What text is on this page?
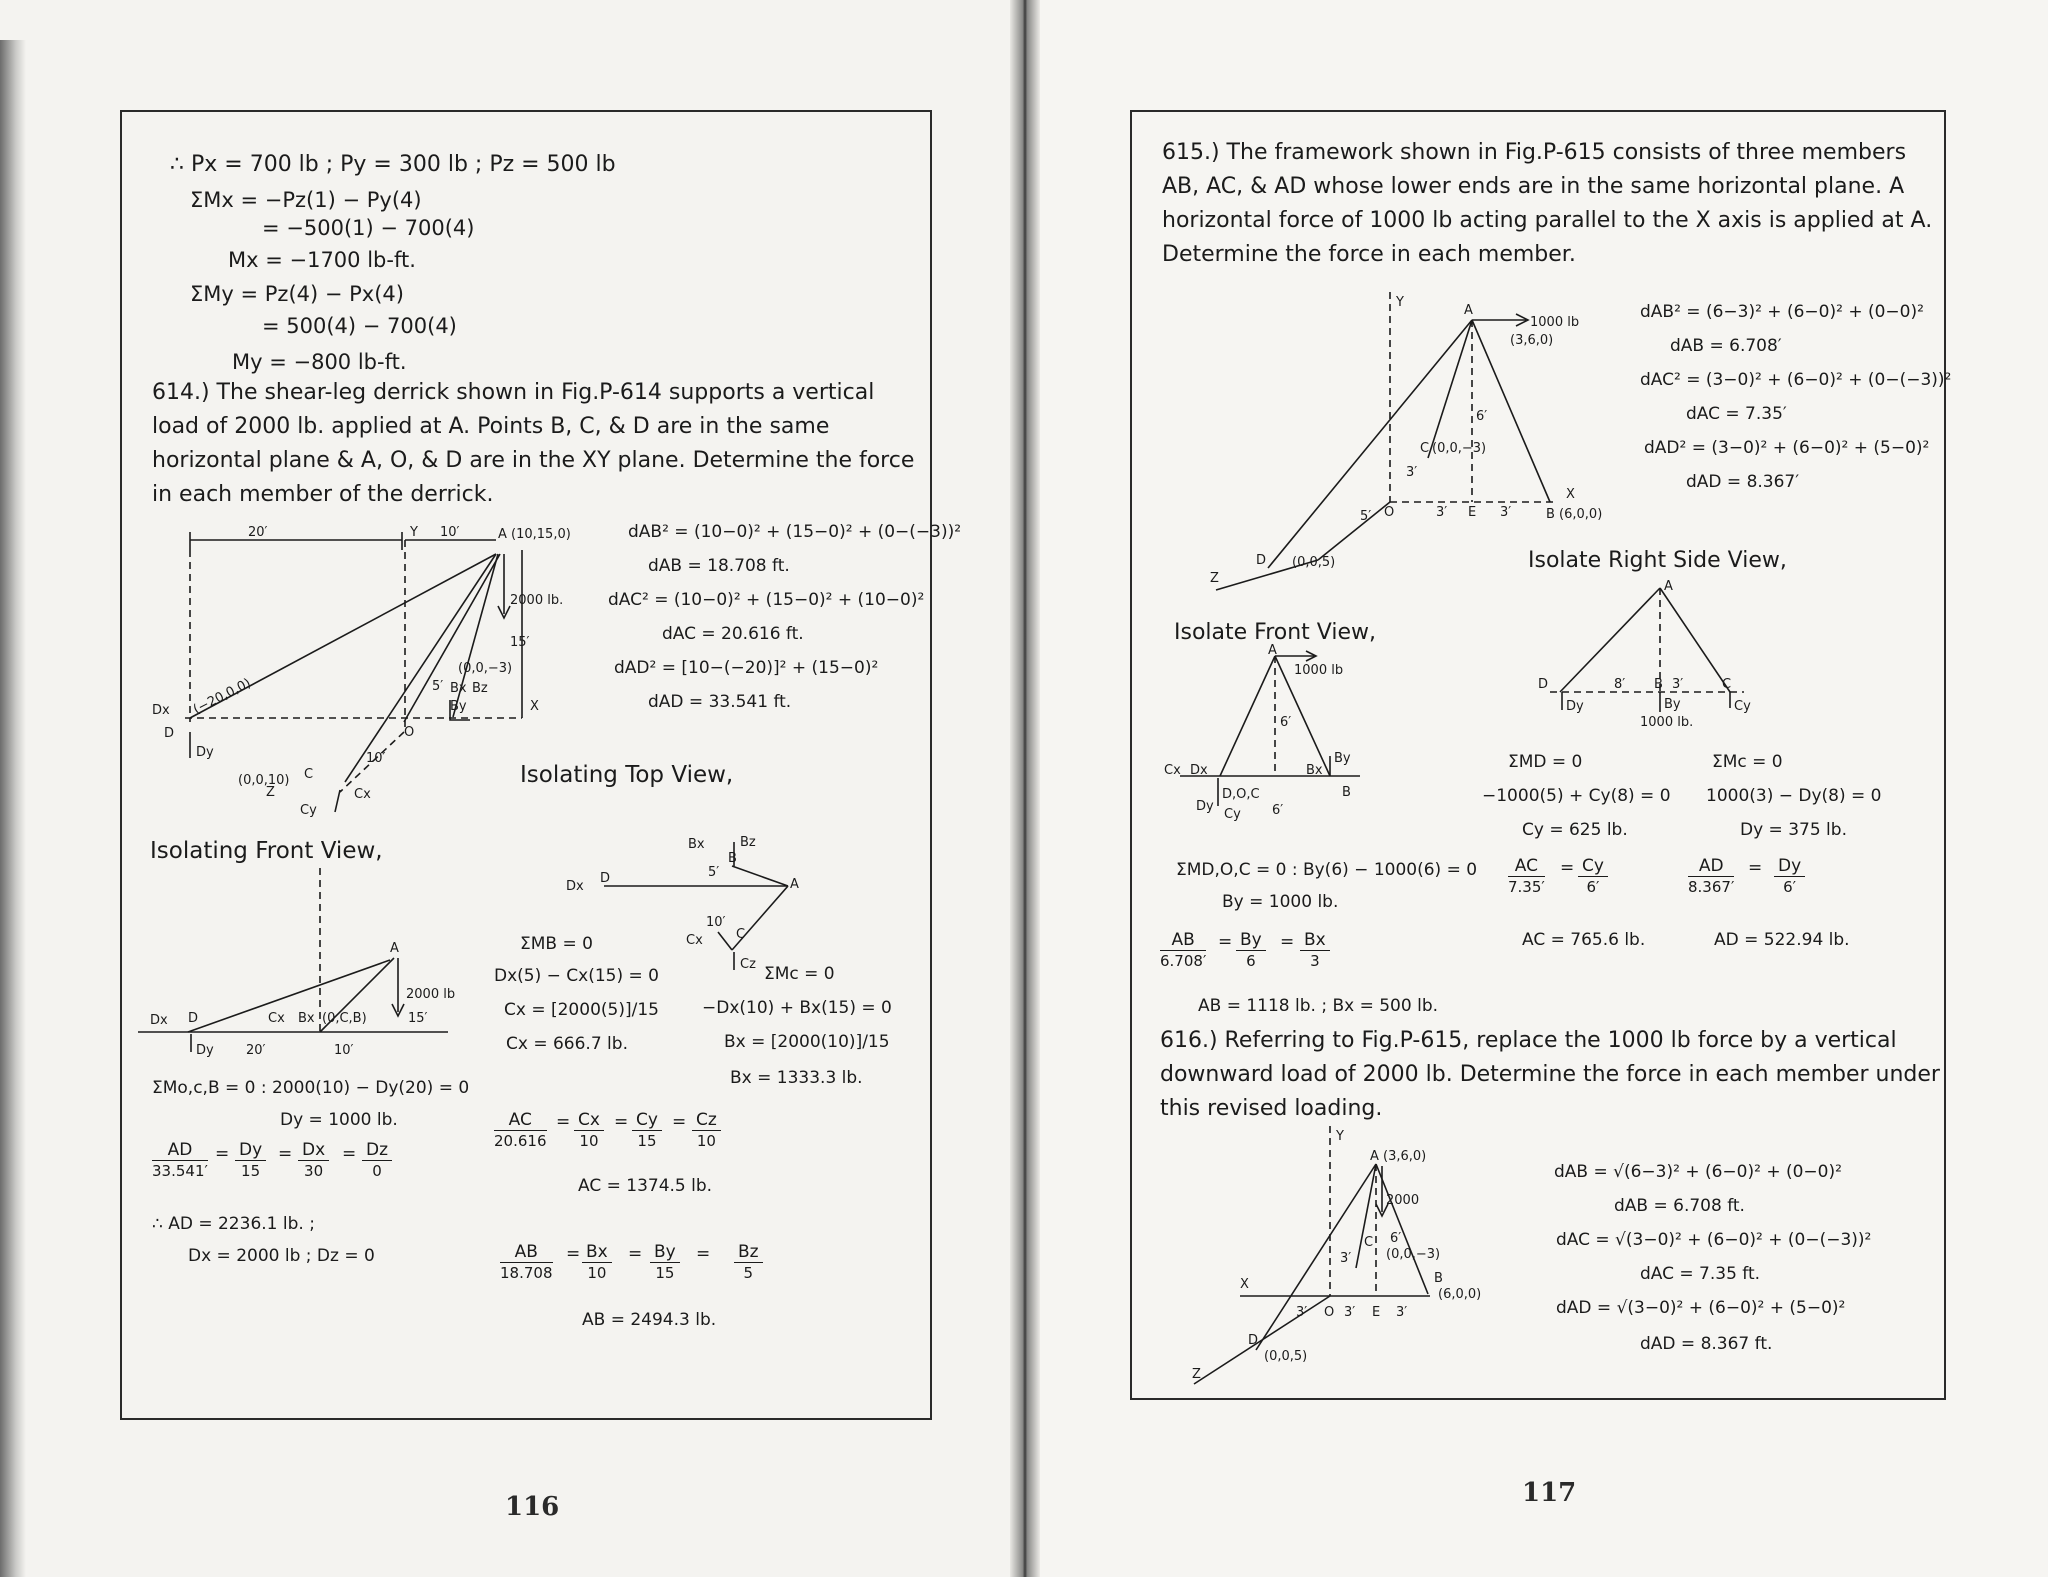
∴ Px = 700 lb ; Py = 300 lb ; Pz = 500 lb
ΣMx = −Pz(1) − Py(4)
= −500(1) − 700(4)
Mx = −1700 lb-ft.
ΣMy = Pz(4) − Px(4)
= 500(4) − 700(4)
My = −800 lb-ft.
614.) The shear-leg derrick shown in Fig.P-614 supports a vertical load of 2000 lb. applied at A. Points B, C, & D are in the same horizontal plane & A, O, & D are in the XY plane. Determine the force in each member of the derrick.
20′	10′
Y	A (10,15,0)
2000 lb.
15′
(0,0,−3)
5′ Bx Bz
By	X
(−20,0,0)
Dx
D
Dy
O
10′
(0,0,10) C
Z	Cx
Cy
dAB² = (10−0)² + (15−0)² + (0−(−3))²
dAB = 18.708 ft.
dAC² = (10−0)² + (15−0)² + (10−0)²
dAC = 20.616 ft.
dAD² = [10−(−20)]² + (15−0)²
dAD = 33.541 ft.
Isolating Top View,
Isolating Front View,
A
2000 lb
15′
D
Dx
Dy
Cx Bx (0,C,B)
20′	10′
ΣMo,c,B = 0 : 2000(10) − Dy(20) = 0
Dy = 1000 lb.
$\frac{AD}{33.541'} = \frac{Dy}{15} = \frac{Dx}{30} = \frac{Dz}{0}$
∴ AD = 2236.1 lb. ;
Dx = 2000 lb ; Dz = 0
Dx
D	A
B
Bx	Bz
5′
10′
C
Cx
Cz
ΣMB = 0
Dx(5) − Cx(15) = 0
Cx = [2000(5)]/15
Cx = 666.7 lb.
ΣMc = 0
−Dx(10) + Bx(15) = 0
Bx = [2000(10)]/15
Bx = 1333.3 lb.
$\frac{AC}{20.616} = \frac{Cx}{10} = \frac{Cy}{15} = \frac{Cz}{10}$
AC = 1374.5 lb.
$\frac{AB}{18.708} = \frac{Bx}{10} = \frac{By}{15} = \frac{Bz}{5}$
AB = 2494.3 lb.
116
615.) The framework shown in Fig.P-615 consists of three members AB, AC, & AD whose lower ends are in the same horizontal plane. A horizontal force of 1000 lb acting parallel to the X axis is applied at A. Determine the force in each member.
Y
A
1000 lb
(3,6,0)
C (0,0,−3)
6′
3′
O	3′ E 3′	B (6,0,0)
X
5′
D (0,0,5)
Z
dAB² = (6−3)² + (6−0)² + (0−0)²
dAB = 6.708′
dAC² = (3−0)² + (6−0)² + (0−(−3))²
dAC = 7.35′
dAD² = (3−0)² + (6−0)² + (5−0)²
dAD = 8.367′
Isolate Right Side View,
Isolate Front View,
A
1000 lb
6′
Cx Dx	Bx
By
D,O,C	B
Dy
Cy 6′
A
D	8′ B 3′	C
Dy	By
1000 lb.
Cy
ΣMD = 0
−1000(5) + Cy(8) = 0
Cy = 625 lb.
ΣMc = 0
1000(3) − Dy(8) = 0
Dy = 375 lb.
ΣMD,O,C = 0 : By(6) − 1000(6) = 0
By = 1000 lb.
$\frac{AC}{7.35'} = \frac{Cy}{6'}$	$\frac{AD}{8.367'} = \frac{Dy}{6'}$
$\frac{AB}{6.708'} = \frac{By}{6} = \frac{Bx}{3}$	AC = 765.6 lb.	AD = 522.94 lb.
AB = 1118 lb. ; Bx = 500 lb.
616.) Referring to Fig.P-615, replace the 1000 lb force by a vertical downward load of 2000 lb. Determine the force in each member under this revised loading.
Y
A (3,6,0)
2000
6′
3′
C
(0,0,−3)
B
(6,0,0)
X
3′ O 3′ E 3′
D
(0,0,5)
Z
dAB = √(6−3)² + (6−0)² + (0−0)²
dAB = 6.708 ft.
dAC = √(3−0)² + (6−0)² + (0−(−3))²
dAC = 7.35 ft.
dAD = √(3−0)² + (6−0)² + (5−0)²
dAD = 8.367 ft.
117
